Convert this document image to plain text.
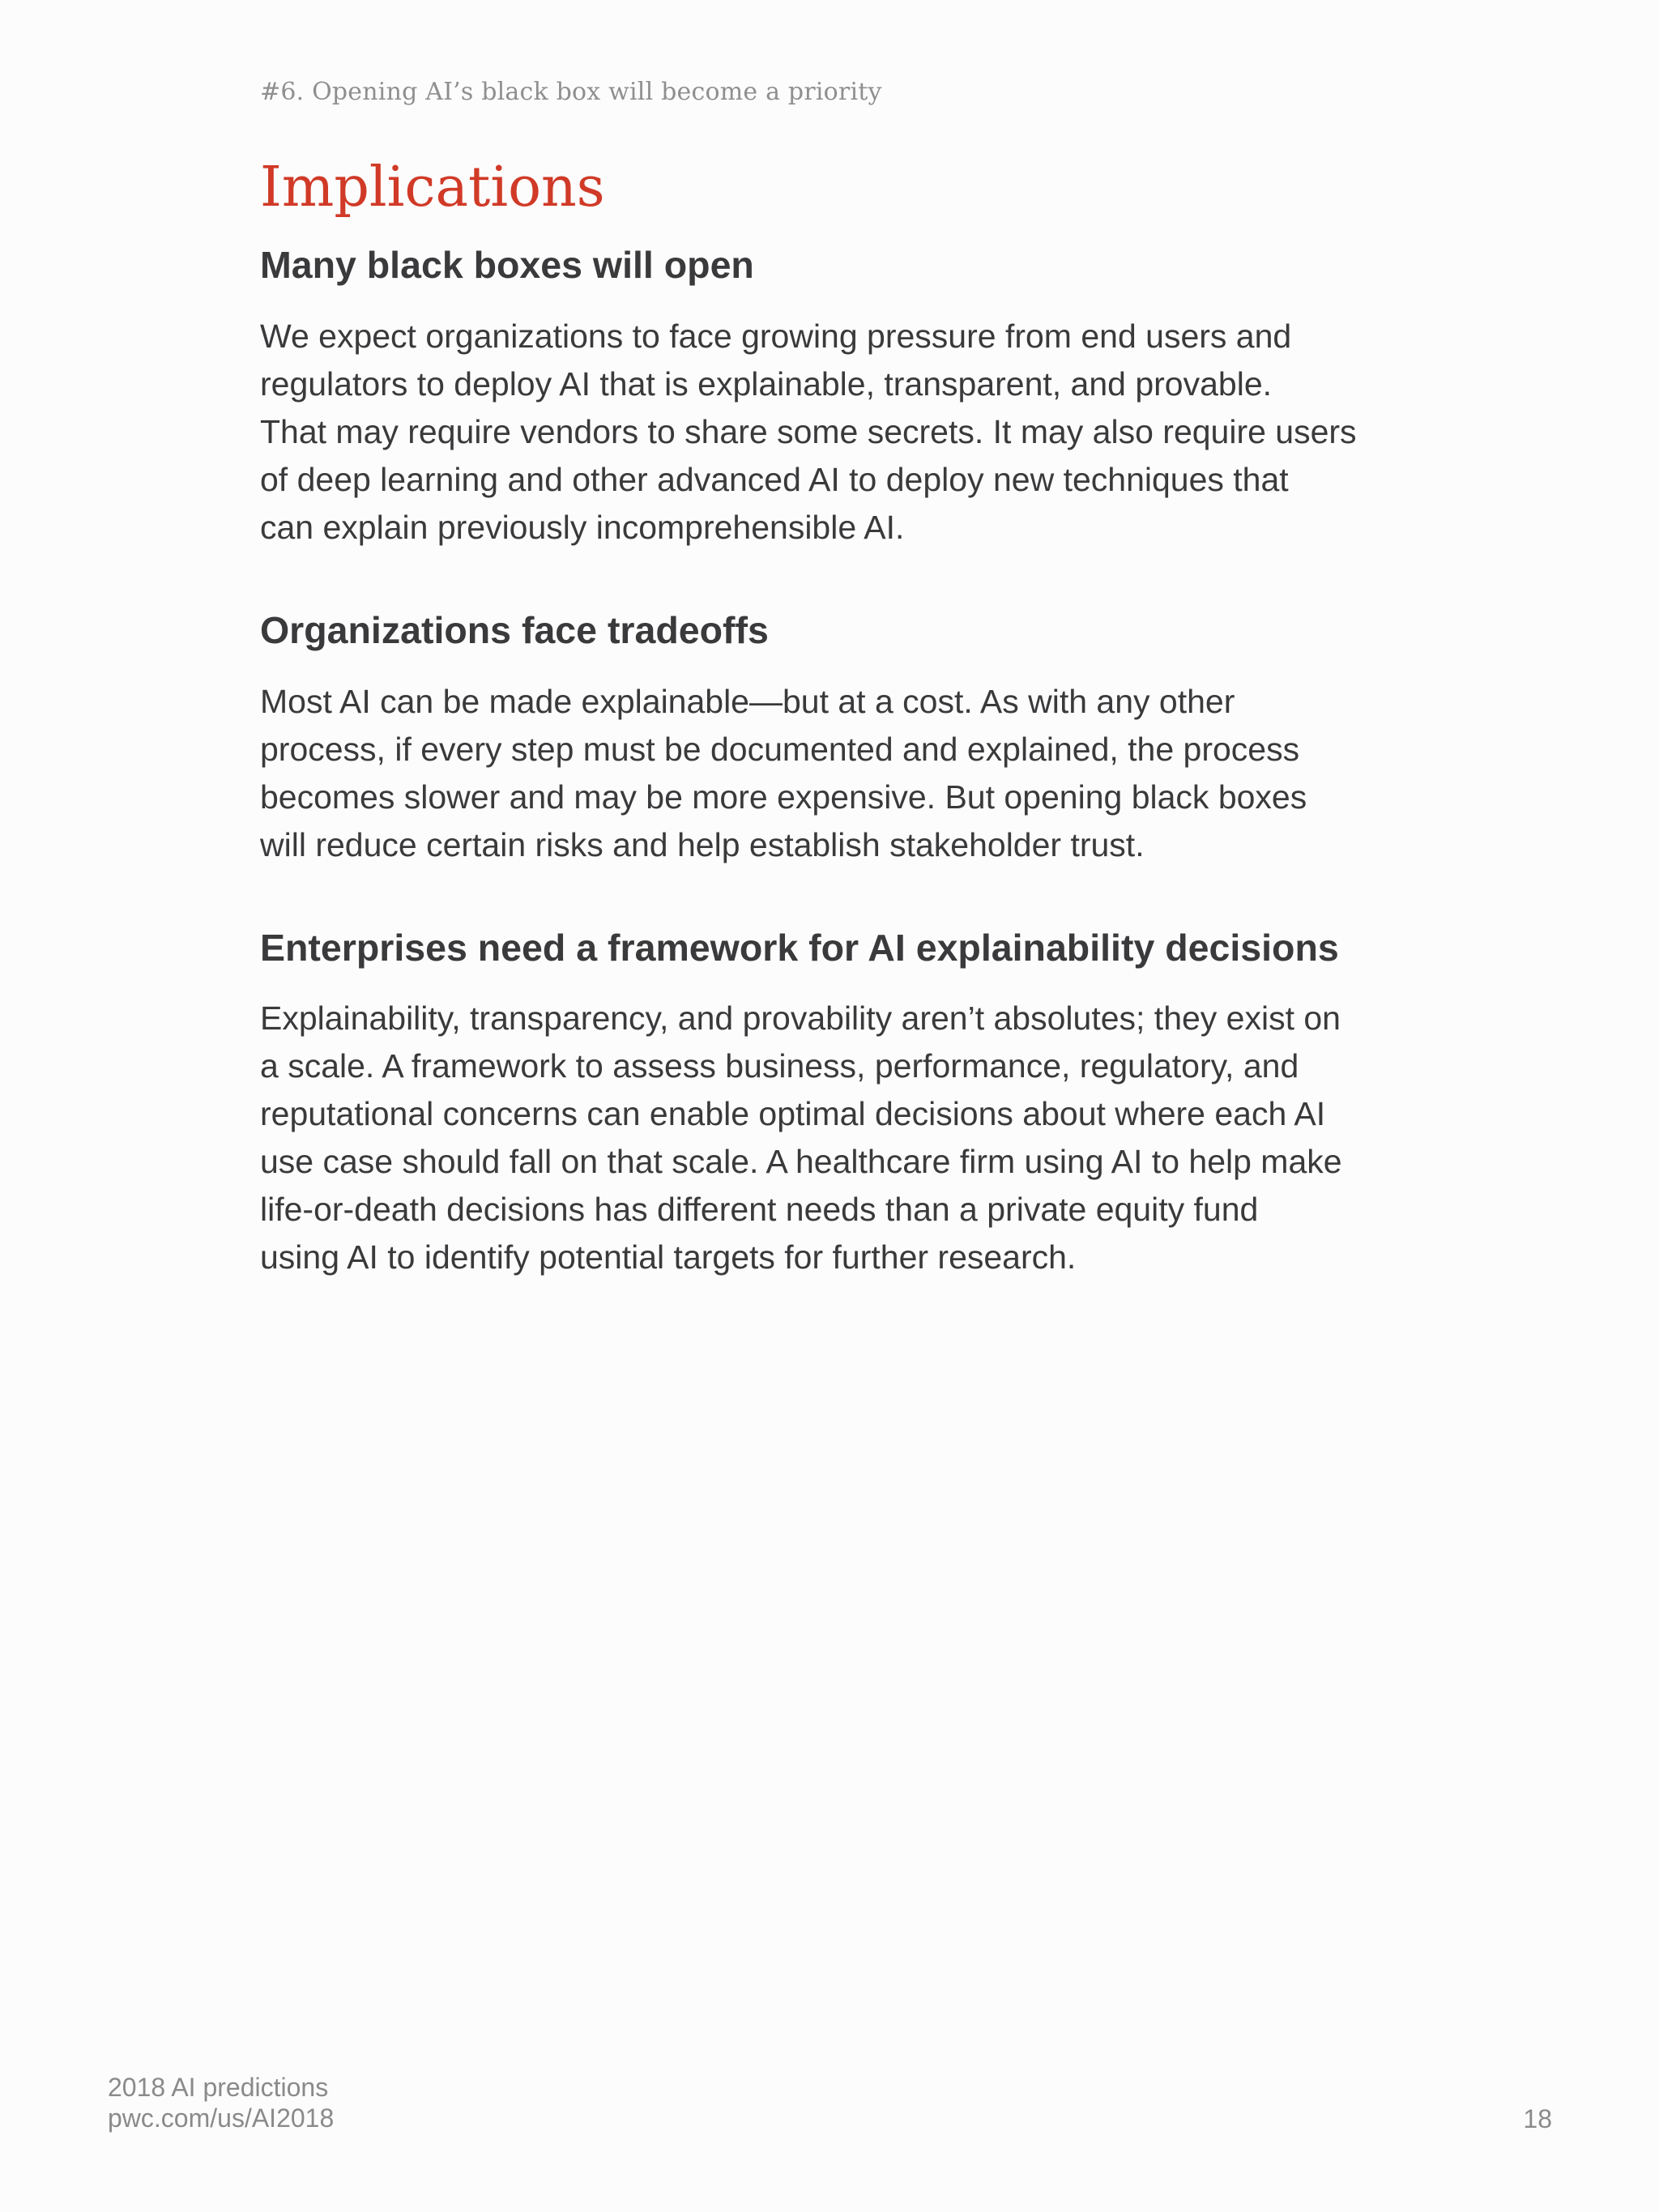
#6. Opening AI’s black box will become a priority
Implications
Many black boxes will open

We expect organizations to face growing pressure from end users and
regulators to deploy AI that is explainable, transparent, and provable.
That may require vendors to share some secrets. It may also require users
of deep learning and other advanced AI to deploy new techniques that
can explain previously incomprehensible AI.

Organizations face tradeoffs

Most AI can be made explainable—but at a cost. As with any other
process, if every step must be documented and explained, the process
becomes slower and may be more expensive. But opening black boxes
will reduce certain risks and help establish stakeholder trust.

Enterprises need a framework for AI explainability decisions

Explainability, transparency, and provability aren’t absolutes; they exist on
a scale. A framework to assess business, performance, regulatory, and
reputational concerns can enable optimal decisions about where each AI
use case should fall on that scale. A healthcare firm using AI to help make
life-or-death decisions has different needs than a private equity fund
using AI to identify potential targets for further research.

2018 AI predictions
pwc.com/us/AI2018	18
